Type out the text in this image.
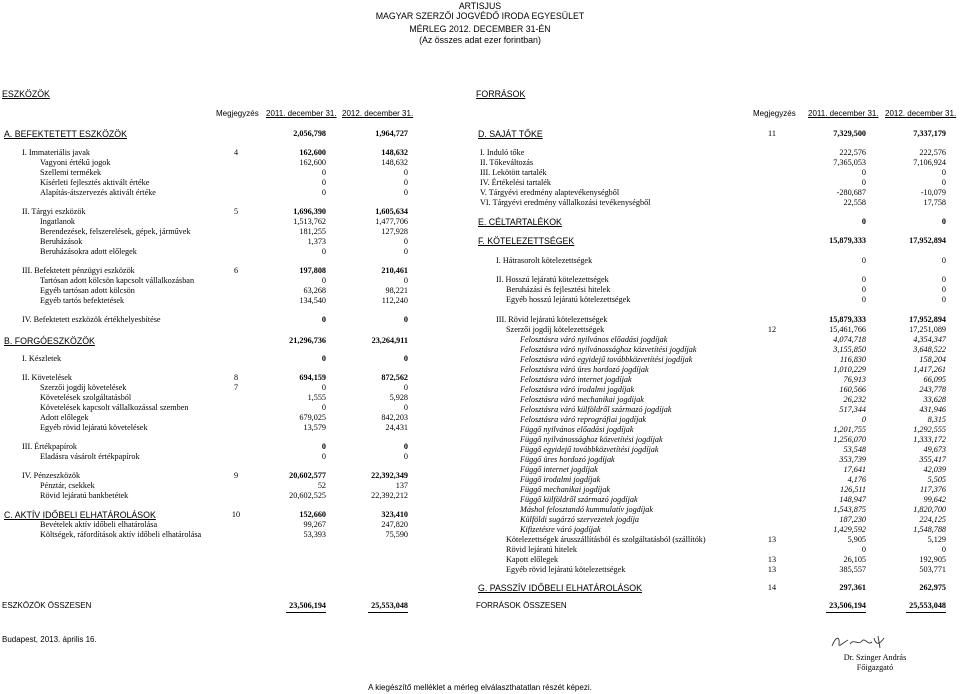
ARTISJUS
MAGYAR SZERZŐI JOGVÉDŐ IRODA EGYESÜLET
MÉRLEG 2012. DECEMBER 31-ÉN
(Az összes adat ezer forintban)
ESZKÖZÖK
Megjegyzés 2011. december 31. 2012. december 31.
FORRÁSOK
Megjegyzés 2011. december 31. 2012. december 31.
A. BEFEKTETETT ESZKÖZÖK	2,056,798	1,964,727
I. Immateriális javak	4	162,600	148,632
Vagyoni értékű jogok	162,600	148,632
Szellemi termékek	0	0
Kísérleti fejlesztés aktivált értéke	0	0
Alapítás-átszervezés aktivált értéke	0	0
II. Tárgyi eszközök	5	1,696,390	1,605,634
Ingatlanok	1,513,762	1,477,706
Berendezések, felszerelések, gépek, járművek	181,255	127,928
Beruházások	1,373	0
Beruházásokra adott előlegek	0	0
III. Befektetett pénzügyi eszközök	6	197,808	210,461
Tartósan adott kölcsön kapcsolt vállalkozásban	0	0
Egyéb tartósan adott kölcsön	63,268	98,221
Egyéb tartós befektetések	134,540	112,240
IV. Befektetett eszközök értékhelyesbítése	0	0
B. FORGÓESZKÖZÖK	21,296,736	23,264,911
I. Készletek	0	0
II. Követelések	8	694,159	872,562
Szerzői jogdíj követelések	7	0	0
Követelések szolgáltatásból	1,555	5,928
Követelések kapcsolt vállalkozással szemben	0	0
Adott előlegek	679,025	842,203
Egyéb rövid lejáratú követelések	13,579	24,431
III. Értékpapírok	0	0
Eladásra vásárolt értékpapírok	0	0
IV. Pénzeszközök	9	20,602,577	22,392,349
Pénztár, csekkek	52	137
Rövid lejáratú bankbetétek	20,602,525	22,392,212
C. AKTÍV IDŐBELI ELHATÁROLÁSOK	10	152,660	323,410
Bevételek aktív időbeli elhatárolása	99,267	247,820
Költségek, ráfordítások aktív időbeli elhatárolása	53,393	75,590
D. SAJÁT TŐKE	11	7,329,500	7,337,179
I. Induló tőke	222,576	222,576
II. Tőkeváltozás	7,365,053	7,106,924
III. Lekötött tartalék	0	0
IV. Értékelési tartalék	0	0
V. Tárgyévi eredmény alaptevékenységből	-280,687	-10,079
VI. Tárgyévi eredmény vállalkozási tevékenységből	22,558	17,758
E. CÉLTARTALÉKOK	0	0
F. KÖTELEZETTSÉGEK	15,879,333	17,952,894
I. Hátrasorolt kötelezettségek	0	0
II. Hosszú lejáratú kötelezettségek	0	0
Beruházási és fejlesztési hitelek	0	0
Egyéb hosszú lejáratú kötelezettségek	0	0
III. Rövid lejáratú kötelezettségek	15,879,333	17,952,894
Szerzői jogdíj kötelezettségek	12	15,461,766	17,251,089
Felosztásra váró nyilvános előadási jogdíjak	4,074,718	4,354,347
Felosztásra váró nyilvánossághoz közvetítési jogdíjak	3,155,850	3,648,522
Felosztásra váró egyidejű továbbközvetítési jogdíjak	116,830	158,204
Felosztásra váró üres hordozó jogdíjak	1,010,229	1,417,261
Felosztásra váró internet jogdíjak	76,913	66,095
Felosztásra váró irodalmi jogdíjak	160,566	243,778
Felosztásra váró mechanikai jogdíjak	26,232	33,628
Felosztásra váró külföldről származó jogdíjak	517,344	431,946
Felosztásra váró reprográfiai jogdíjak	0	8,315
Függő nyilvános előadási jogdíjak	1,201,755	1,292,555
Függő nyilvánossághoz közvetítési jogdíjak	1,256,070	1,333,172
Függő egyidejű továbbközvetítési jogdíjak	53,548	49,673
Függő üres hordozó jogdíjak	353,739	355,417
Függő internet jogdíjak	17,641	42,039
Függő irodalmi jogdíjak	4,176	5,505
Függő mechanikai jogdíjak	126,511	117,376
Függő külföldről származó jogdíjak	148,947	99,642
Máshol felosztandó kummulatív jogdíjak	1,543,875	1,820,700
Külföldi sugárzó szervezetek jogdíja	187,230	224,125
Kifizetésre váró jogdíjak	1,429,592	1,548,788
Kötelezettségek árusszállításból és szolgáltatásból (szállítók)	13	5,905	5,129
Rövid lejáratú hitelek	0	0
Kapott előlegek	13	26,105	192,905
Egyéb rövid lejáratú kötelezettségek	13	385,557	503,771
G. PASSZÍV IDŐBELI ELHATÁROLÁSOK	14	297,361	262,975
ESZKÖZÖK ÖSSZESEN	23,506,194	25,553,048	FORRÁSOK ÖSSZESEN	23,506,194	25,553,048
Budapest, 2013. április 16.
Dr. Szinger András
Főigazgató
A kiegészítő melléklet a mérleg elválaszthatatlan részét képezi.
